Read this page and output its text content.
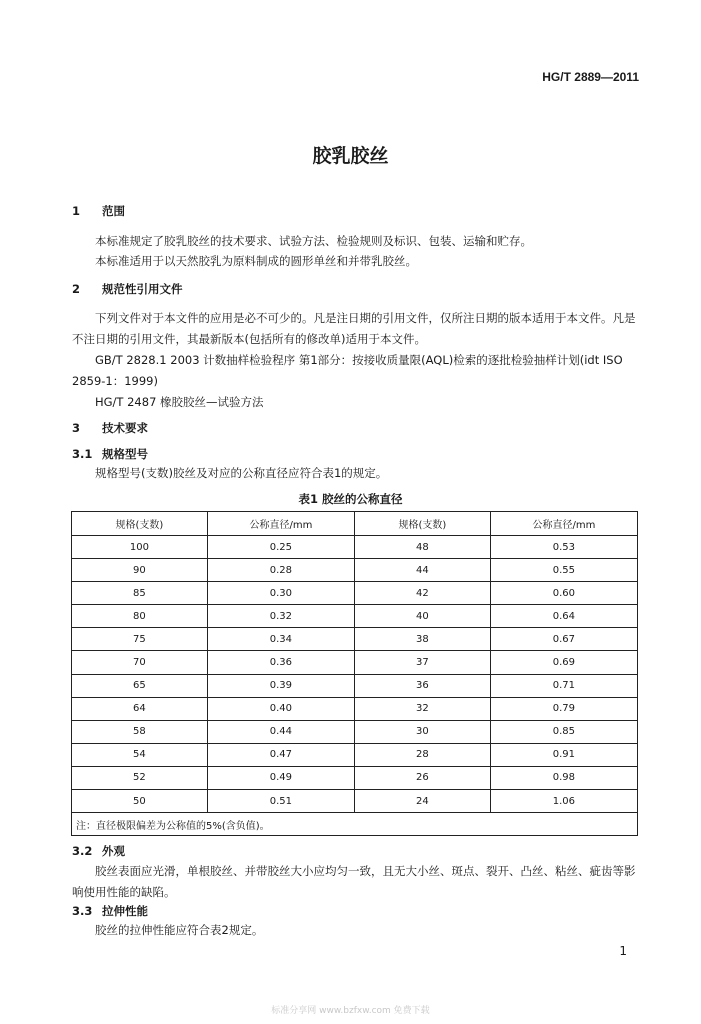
HG/T 2889—2011
胶乳胶丝
1 范围
本标准规定了胶乳胶丝的技术要求、试验方法、检验规则及标识、包装、运输和贮存。
本标准适用于以天然胶乳为原料制成的圆形单丝和并带乳胶丝。
2 规范性引用文件
下列文件对于本文件的应用是必不可少的。凡是注日期的引用文件，仅所注日期的版本适用于本文件。凡是不注日期的引用文件，其最新版本(包括所有的修改单)适用于本文件。
GB/T 2828.1 2003 计数抽样检验程序 第1部分：按接收质量限(AQL)检索的逐批检验抽样计划(idt ISO 2859-1：1999)
HG/T 2487 橡胶胶丝—试验方法
3 技术要求
3.1 规格型号
规格型号(支数)胶丝及对应的公称直径应符合表1的规定。
表1 胶丝的公称直径
规格(支数)	公称直径/mm	规格(支数)	公称直径/mm
100	0.25	48	0.53
90	0.28	44	0.55
85	0.30	42	0.60
80	0.32	40	0.64
75	0.34	38	0.67
70	0.36	37	0.69
65	0.39	36	0.71
64	0.40	32	0.79
58	0.44	30	0.85
54	0.47	28	0.91
52	0.49	26	0.98
50	0.51	24	1.06
注：直径极限偏差为公称值的5%(含负值)。			
3.2 外观
胶丝表面应光滑，单根胶丝、并带胶丝大小应均匀一致，且无大小丝、斑点、裂开、凸丝、粘丝、疵齿等影响使用性能的缺陷。
3.3 拉伸性能
胶丝的拉伸性能应符合表2规定。
1
标准分享网 www.bzfxw.com 免费下载
